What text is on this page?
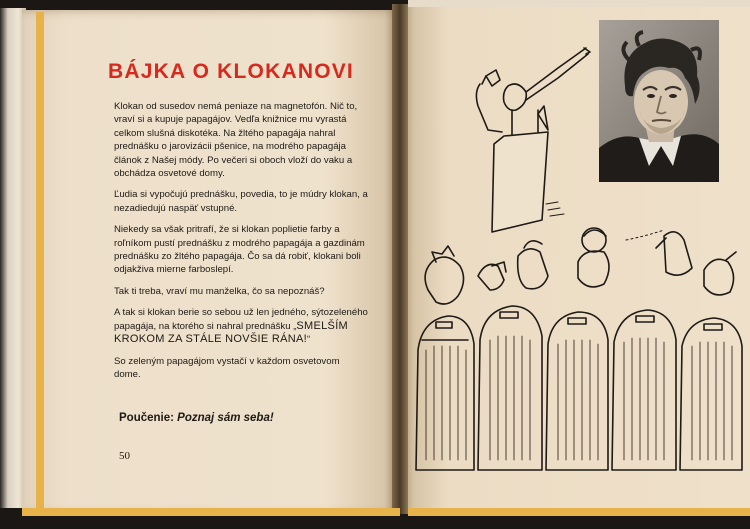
BÁJKA O KLOKANOVI

Klokan od susedov nemá peniaze na magnetofón. Nič to, vraví si a kupuje papagájov. Vedľa knižnice mu vyrastá celkom slušná diskotéka. Na žltého papagája nahral prednášku o jarovizácii pšenice, na modrého papagája článok z Našej módy. Po večeri si oboch vloží do vaku a obchádza osvetové domy.

Ľudia si vypočujú prednášku, povedia, to je múdry klokan, a nezadiedujú naspäť vstupné.

Niekedy sa však pritrafí, že si klokan poplietie farby a roľníkom pustí prednášku z modrého papagája a gazdinám prednášku zo žltého papagája. Čo sa dá robiť, klokani boli odjakživa mierne farboslepí.

Tak ti treba, vraví mu manželka, čo sa nepoznáš?

A tak si klokan berie so sebou už len jedného, sýtozeleného papagája, na ktorého si nahral prednášku „SMELŠÍM KROKOM ZA STÁLE NOVŠIE RÁNA!“

So zeleným papagájom vystačí v každom osvetovom dome.

Poučenie: Poznaj sám seba!
50
